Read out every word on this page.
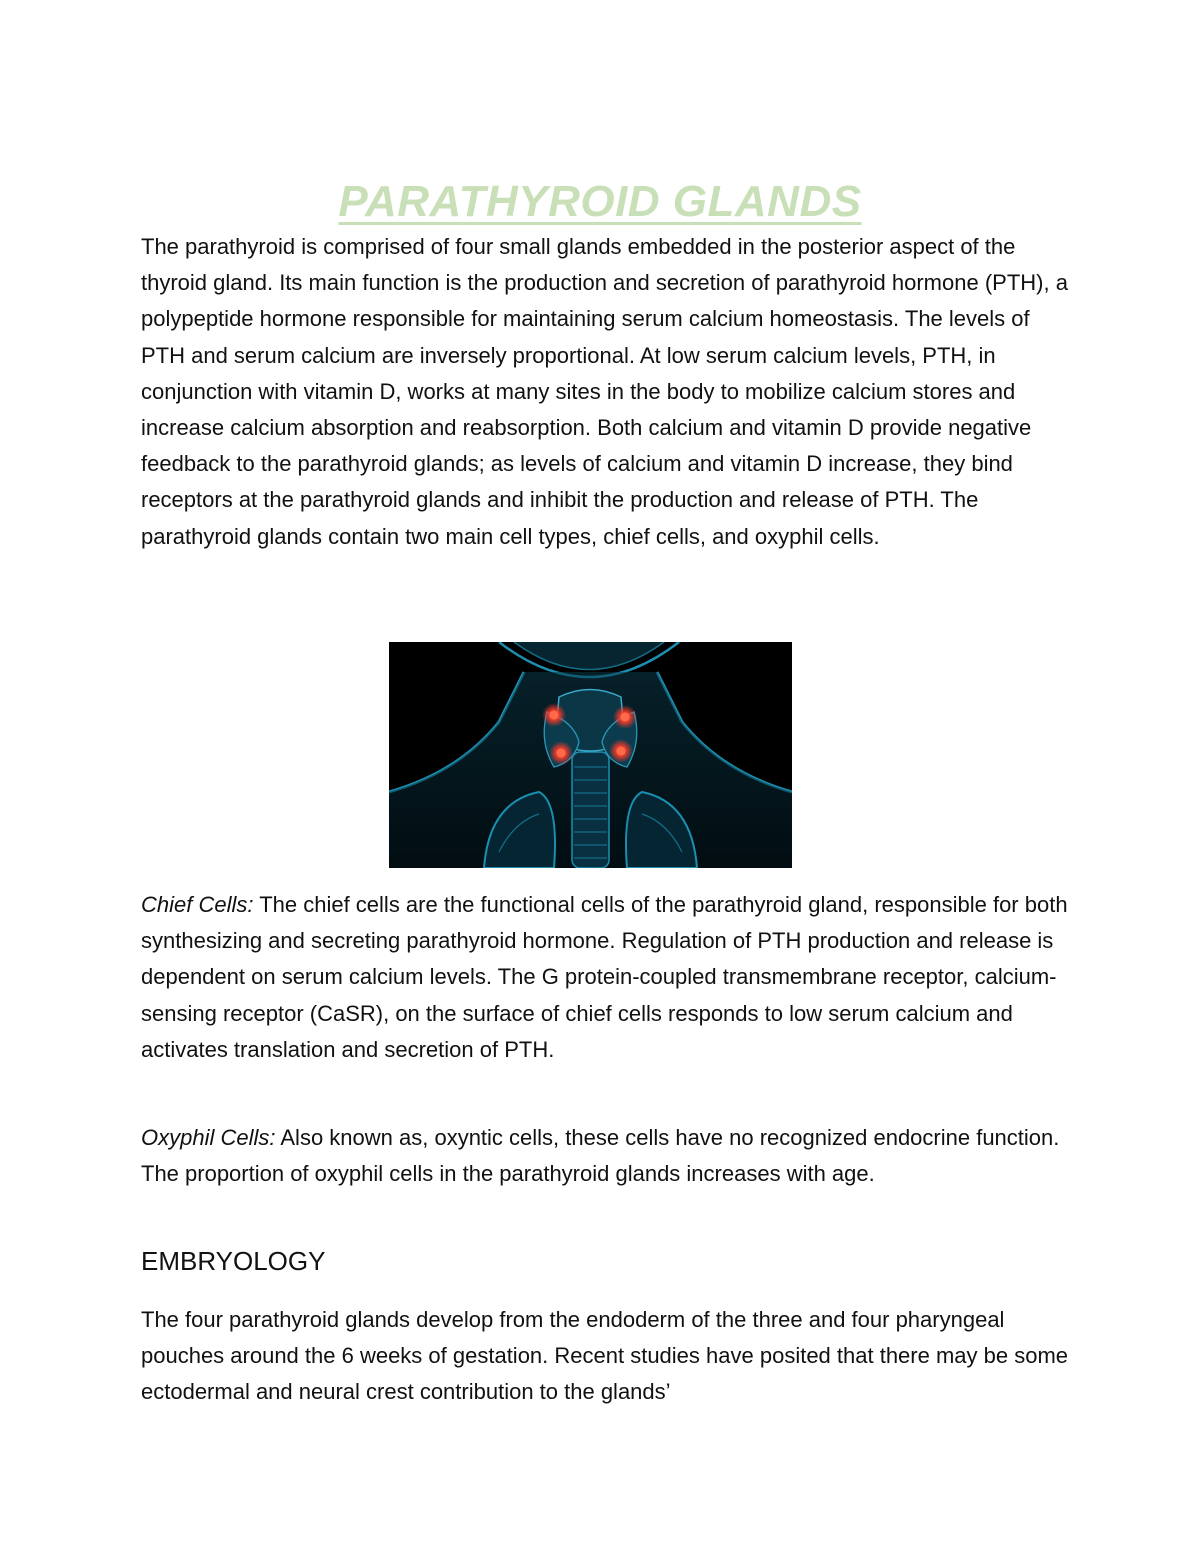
PARATHYROID GLANDS

The parathyroid is comprised of four small glands embedded in the posterior aspect of the thyroid gland. Its main function is the production and secretion of parathyroid hormone (PTH), a polypeptide hormone responsible for maintaining serum calcium homeostasis. The levels of PTH and serum calcium are inversely proportional. At low serum calcium levels, PTH, in conjunction with vitamin D, works at many sites in the body to mobilize calcium stores and increase calcium absorption and reabsorption. Both calcium and vitamin D provide negative feedback to the parathyroid glands; as levels of calcium and vitamin D increase, they bind receptors at the parathyroid glands and inhibit the production and release of PTH. The parathyroid glands contain two main cell types, chief cells, and oxyphil cells.

Chief Cells: The chief cells are the functional cells of the parathyroid gland, responsible for both synthesizing and secreting parathyroid hormone. Regulation of PTH production and release is dependent on serum calcium levels. The G protein-coupled transmembrane receptor, calcium-sensing receptor (CaSR), on the surface of chief cells responds to low serum calcium and activates translation and secretion of PTH.

Oxyphil Cells: Also known as, oxyntic cells, these cells have no recognized endocrine function. The proportion of oxyphil cells in the parathyroid glands increases with age.

EMBRYOLOGY

The four parathyroid glands develop from the endoderm of the three and four pharyngeal pouches around the 6 weeks of gestation. Recent studies have posited that there may be some ectodermal and neural crest contribution to the glands’
